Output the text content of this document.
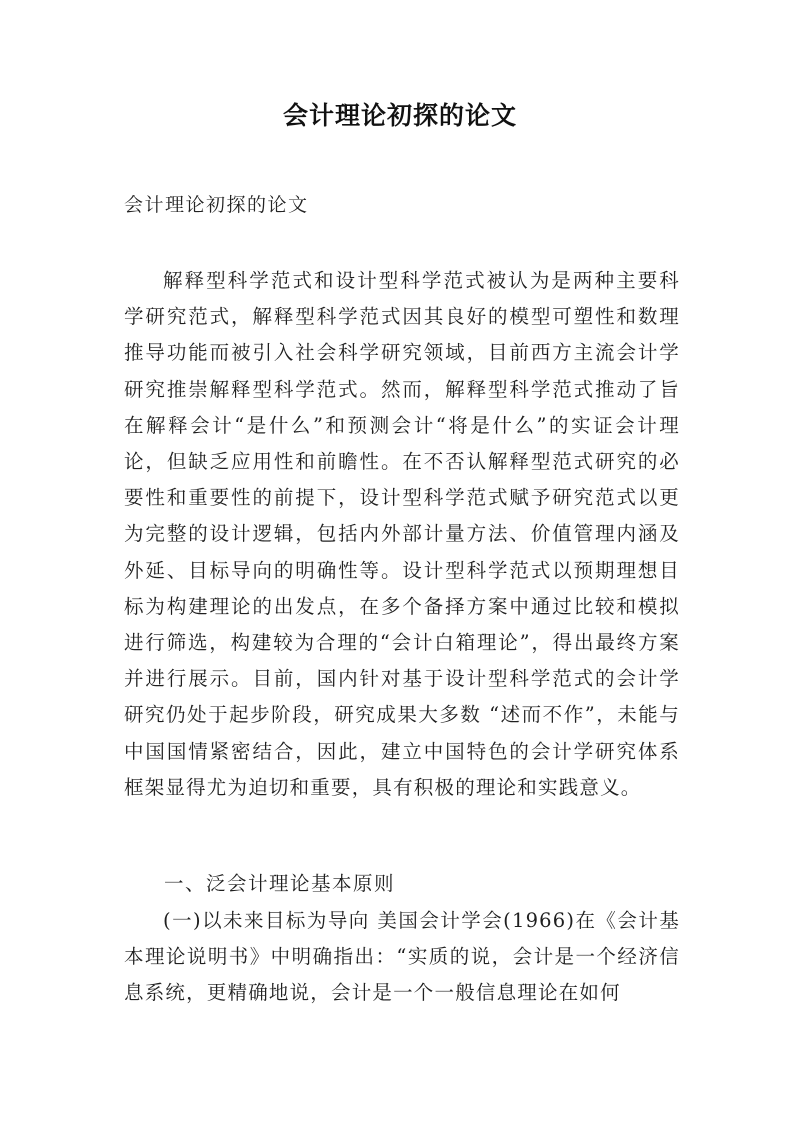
会计理论初探的论文
会计理论初探的论文

解释型科学范式和设计型科学范式被认为是两种主要科学研究范式，解释型科学范式因其良好的模型可塑性和数理推导功能而被引入社会科学研究领域，目前西方主流会计学研究推崇解释型科学范式。然而，解释型科学范式推动了旨在解释会计“是什么”和预测会计“将是什么”的实证会计理论，但缺乏应用性和前瞻性。在不否认解释型范式研究的必要性和重要性的前提下，设计型科学范式赋予研究范式以更为完整的设计逻辑，包括内外部计量方法、价值管理内涵及外延、目标导向的明确性等。设计型科学范式以预期理想目标为构建理论的出发点，在多个备择方案中通过比较和模拟进行筛选，构建较为合理的“会计白箱理论”，得出最终方案并进行展示。目前，国内针对基于设计型科学范式的会计学研究仍处于起步阶段，研究成果大多数 “述而不作”，未能与中国国情紧密结合，因此，建立中国特色的会计学研究体系框架显得尤为迫切和重要，具有积极的理论和实践意义。

一、泛会计理论基本原则

(一)以未来目标为导向 美国会计学会(1966)在《会计基本理论说明书》中明确指出：“实质的说，会计是一个经济信息系统，更精确地说，会计是一个一般信息理论在如何
